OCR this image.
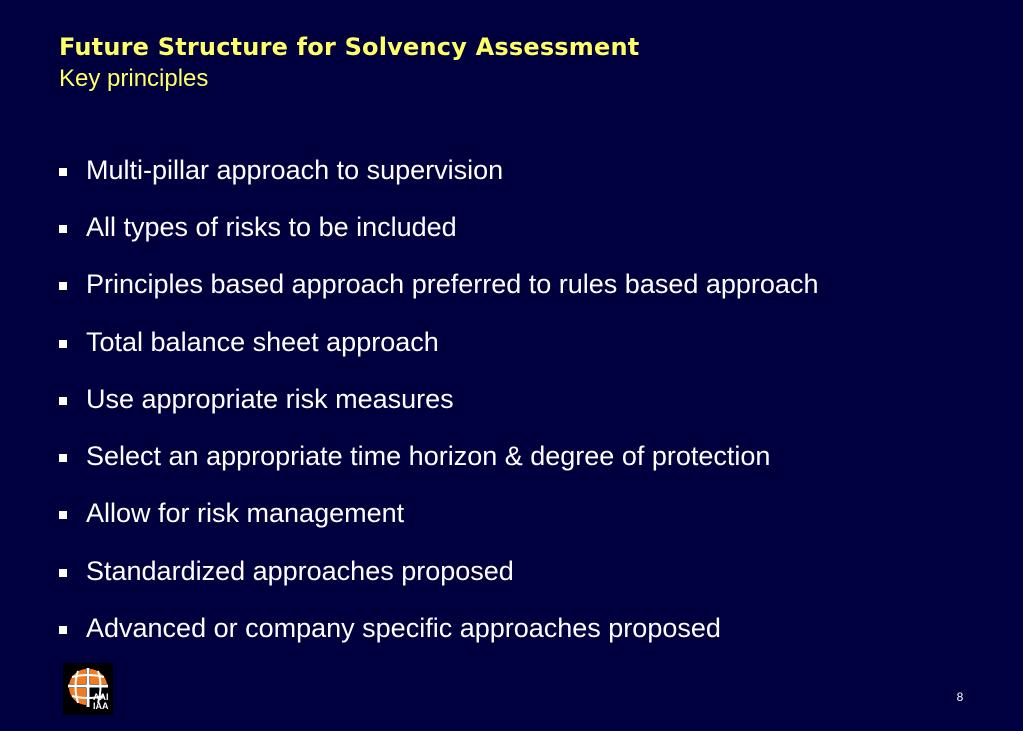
Future Structure for Solvency Assessment
Key principles
Multi-pillar approach to supervision
All types of risks to be included
Principles based approach preferred to rules based approach
Total balance sheet approach
Use appropriate risk measures
Select an appropriate time horizon & degree of protection
Allow for risk management
Standardized approaches proposed
Advanced or company specific approaches proposed
AAI
IAA
8
